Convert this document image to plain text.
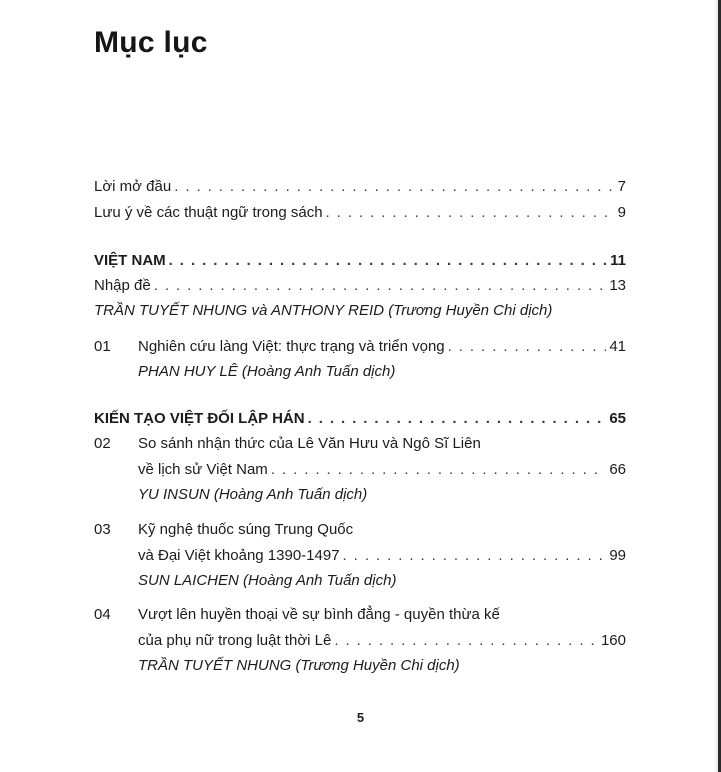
Mục lục
Lời mở đầu . . .	7
Lưu ý về các thuật ngữ trong sách . . .	9
VIỆT NAM . . .	11
Nhập đề . . .	13
TRẦN TUYẾT NHUNG và ANTHONY REID (Trương Huyền Chi dịch)
01	Nghiên cứu làng Việt: thực trạng và triển vọng . . .	41
PHAN HUY LÊ (Hoàng Anh Tuấn dịch)
KIẾN TẠO VIỆT ĐỐI LẬP HÁN . . .	65
02	So sánh nhận thức của Lê Văn Hưu và Ngô Sĩ Liên
về lịch sử Việt Nam . . .	66
YU INSUN (Hoàng Anh Tuấn dịch)
03	Kỹ nghệ thuốc súng Trung Quốc
và Đại Việt khoảng 1390-1497 . . .	99
SUN LAICHEN (Hoàng Anh Tuấn dịch)
04	Vượt lên huyền thoại về sự bình đẳng - quyền thừa kế
của phụ nữ trong luật thời Lê . . .	160
TRẦN TUYẾT NHUNG (Trương Huyền Chi dịch)
5
